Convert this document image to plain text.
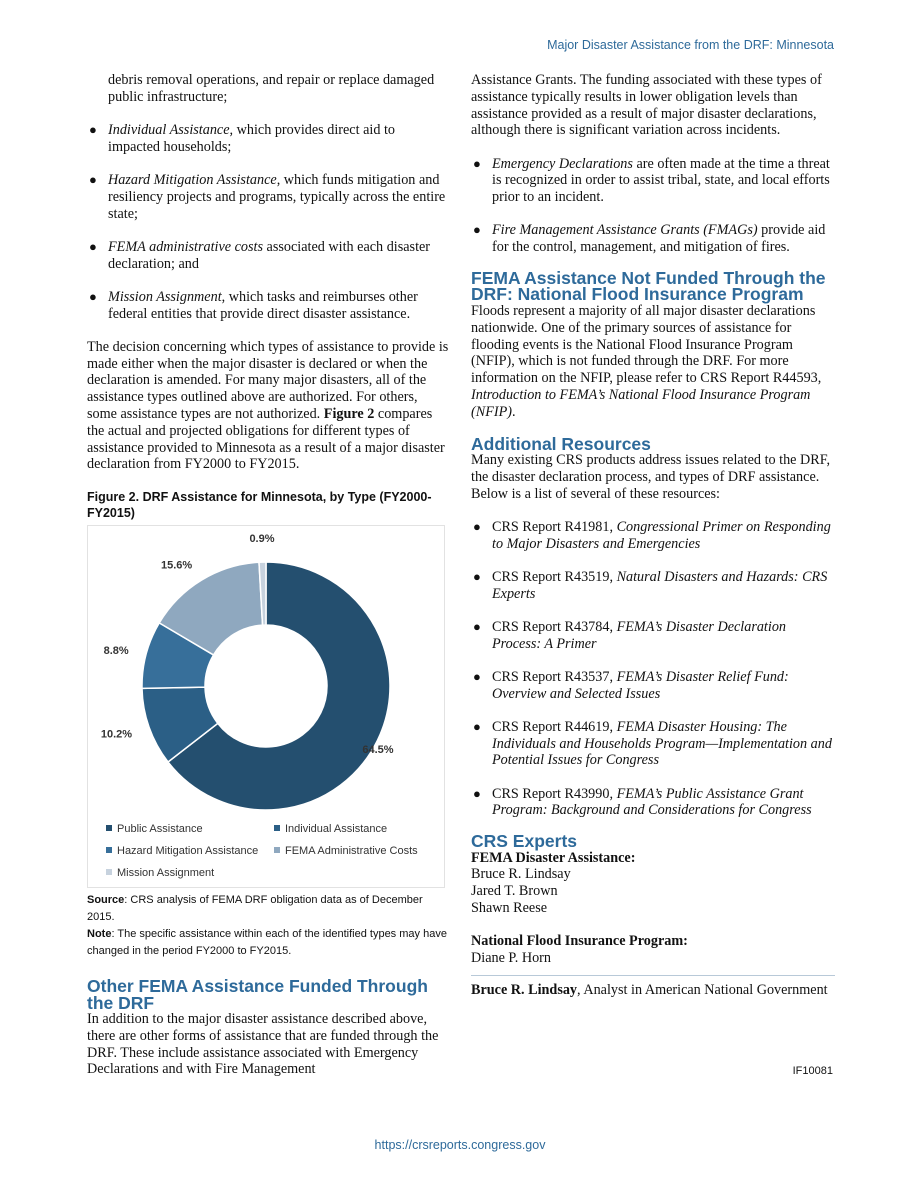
Major Disaster Assistance from the DRF: Minnesota

debris removal operations, and repair or replace damaged public infrastructure;

● Individual Assistance, which provides direct aid to impacted households;
● Hazard Mitigation Assistance, which funds mitigation and resiliency projects and programs, typically across the entire state;
● FEMA administrative costs associated with each disaster declaration; and
● Mission Assignment, which tasks and reimburses other federal entities that provide direct disaster assistance.

The decision concerning which types of assistance to provide is made either when the major disaster is declared or when the declaration is amended. For many major disasters, all of the assistance types outlined above are authorized. For others, some assistance types are not authorized. Figure 2 compares the actual and projected obligations for different types of assistance provided to Minnesota as a result of a major disaster declaration from FY2000 to FY2015.

Figure 2. DRF Assistance for Minnesota, by Type (FY2000-FY2015)

64.5%
10.2%
8.8%
15.6%
0.9%
Public Assistance	Individual Assistance
Hazard Mitigation Assistance	FEMA Administrative Costs
Mission Assignment

Source: CRS analysis of FEMA DRF obligation data as of December 2015.

Note: The specific assistance within each of the identified types may have changed in the period FY2000 to FY2015.

Other FEMA Assistance Funded Through the DRF

In addition to the major disaster assistance described above, there are other forms of assistance that are funded through the DRF. These include assistance associated with Emergency Declarations and with Fire Management

Assistance Grants. The funding associated with these types of assistance typically results in lower obligation levels than assistance provided as a result of major disaster declarations, although there is significant variation across incidents.

● Emergency Declarations are often made at the time a threat is recognized in order to assist tribal, state, and local efforts prior to an incident.
● Fire Management Assistance Grants (FMAGs) provide aid for the control, management, and mitigation of fires.
FEMA Assistance Not Funded Through the DRF: National Flood Insurance Program

Floods represent a majority of all major disaster declarations nationwide. One of the primary sources of assistance for flooding events is the National Flood Insurance Program (NFIP), which is not funded through the DRF. For more information on the NFIP, please refer to CRS Report R44593, Introduction to FEMA’s National Flood Insurance Program (NFIP).

Additional Resources

Many existing CRS products address issues related to the DRF, the disaster declaration process, and types of DRF assistance. Below is a list of several of these resources:

● CRS Report R41981, Congressional Primer on Responding to Major Disasters and Emergencies
● CRS Report R43519, Natural Disasters and Hazards: CRS Experts
● CRS Report R43784, FEMA’s Disaster Declaration Process: A Primer
● CRS Report R43537, FEMA’s Disaster Relief Fund: Overview and Selected Issues
● CRS Report R44619, FEMA Disaster Housing: The Individuals and Households Program—Implementation and Potential Issues for Congress
● CRS Report R43990, FEMA’s Public Assistance Grant Program: Background and Considerations for Congress
CRS Experts

FEMA Disaster Assistance:

Bruce R. Lindsay

Jared T. Brown

Shawn Reese

National Flood Insurance Program:

Diane P. Horn

Bruce R. Lindsay, Analyst in American National Government

IF10081
https://crsreports.congress.gov
